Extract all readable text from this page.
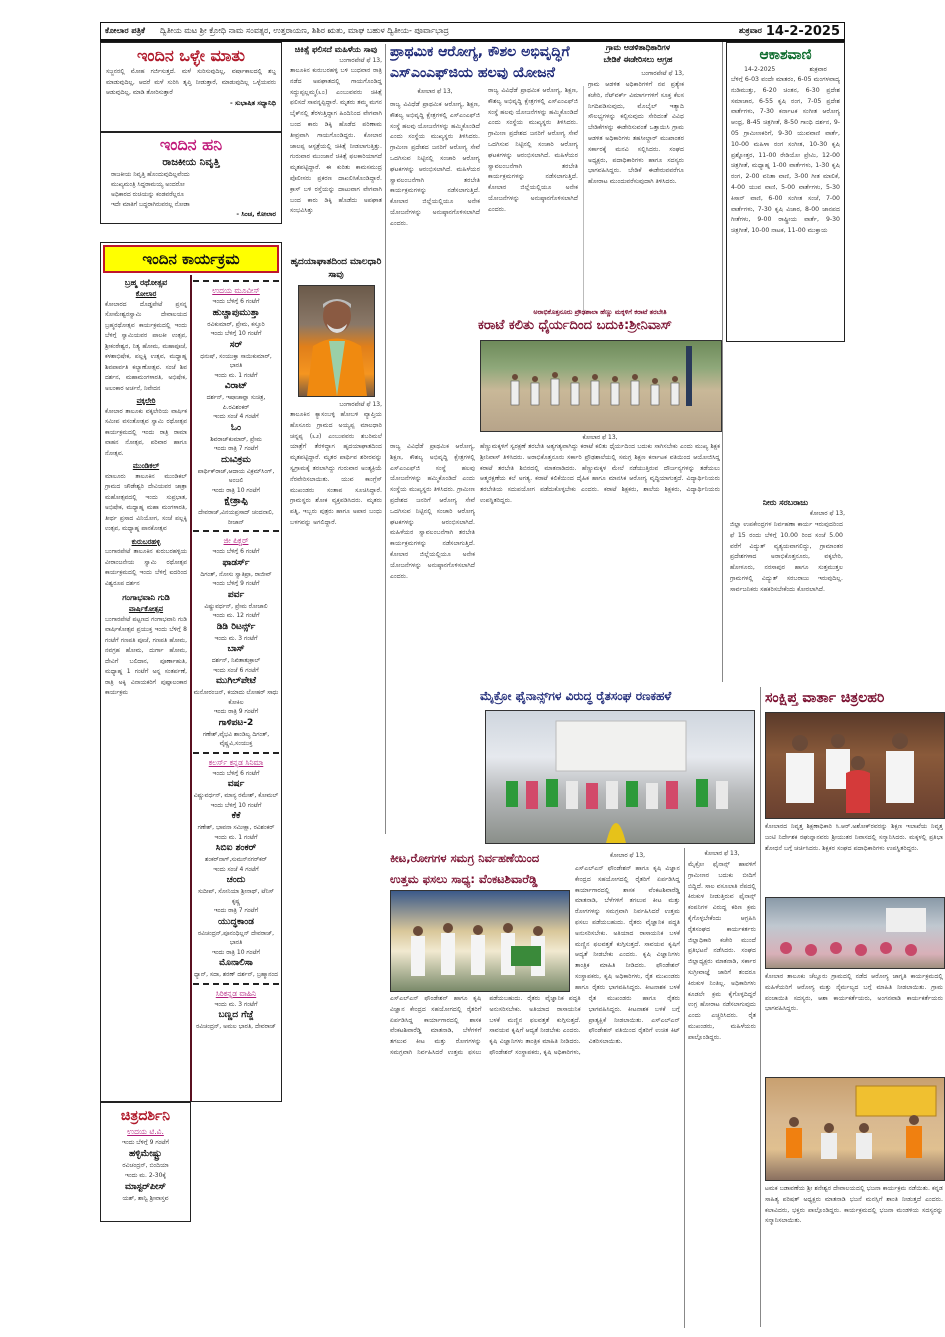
ಕೋಲಾರ ಪತ್ರಿಕೆ	ದ್ವಿತೀಯ ಮಟ ಶ್ರೀ ಕ್ರೋಧಿ ನಾಮ ಸಂವತ್ಸರ, ಉತ್ತರಾಯಣ, ಶಿಶಿರ ಋತು, ಮಾಘ ಬಹುಳ ದ್ವಿತೀಯ- ಪೂರ್ವಾಭಾದ್ರ	ಶುಕ್ರವಾರ 14-2-2025
ಇಂದಿನ ಒಳ್ಳೇ ಮಾತು
ಸಜ್ಜನರಲ್ಲಿ ಮೋಹ ಗರ್ಜಿಸುತ್ತದೆ. ಮಳೆ ಸುರಿಸುವುದಿಲ್ಲ, ವರ್ಷಾಕಾಲದಲ್ಲಿ ಶಬ್ದ ಮಾಡುವುದಿಲ್ಲ, ಆದರೆ ಮಳೆ ಸುರಿಸಿ ತೃಪ್ತಿ ನೀಡುತ್ತಾರೆ, ಮಾಡುವುದಿಲ್ಲ ಒಳ್ಳೆಯವರು ಆಡುವುದಿಲ್ಲ, ಮಾಡಿ ತೋರಿಸುತ್ತಾರೆ
- ಸುಭಾಷಿತ ಸಧ್ಯಾನಿಧಿ
ಇಂದಿನ ಹನಿ
ರಾಜಕೀಯ ನಿವೃತ್ತಿ
ರಾಜಕೀಯ ನಿವೃತ್ತಿ ಹೊಂದುವುದಿಲ್ಲವೆಂದು
ಮುಖ್ಯಮಂತ್ರಿ ಸಿದ್ದರಾಮಯ್ಯ ಅಂದರೋ
ಅಧಿಕಾರದ ರುಚಿಯನ್ನು ಕಂಡವರೆಲ್ಲರೂ
ಇದೇ ಮಾತಿಗೆ ಬದ್ಧರಾಗಿರುವರಲ್ಲ ನೋಡಾ
- ಸಿಂಚ, ಕೋಲಾರ
ಇಂದಿನ ಕಾರ್ಯಕ್ರಮ
ಬ್ರಹ್ಮ ರಥೋತ್ಸವ
ಕೋಲಾರ
ಕೋಲಾರದ ದೊಡ್ಡಪೇಟೆ ಪ್ರಸನ್ನ ಸೋಮೇಶ್ವರಸ್ವಾಮಿ ದೇವಾಲಯದ ಬ್ರಹ್ಮರಥೋತ್ಸವ ಕಾರ್ಯಕ್ರಮದಲ್ಲಿ ಇಂದು ಬೆಳಿಗ್ಗೆ ಸ್ವಾಮಿಯವರ ಪಾಲಕೀ ಉತ್ಸವ, ಶ್ರೀಕಂಠೇಶ್ವರ, ನಿತ್ಯ ಹೋಮ, ಮಹಾಪೂಜೆ, ಕಳಶಾಭಿಷೇಕ, ಪಲ್ಲಕ್ಕಿ ಉತ್ಸವ, ಮಧ್ಯಾಹ್ನ ಶಿವಪಾರ್ವತಿ ಕಲ್ಯಾಣೋತ್ಸವ. ಸಂಜೆ ಶಿವ ದರ್ಶನ, ಮಹಾಮಂಗಳಾರತಿ, ಅಭಿಷೇಕ, ಅಲಂಕಾರ ಅರ್ಚನೆ, ನಿವೇದನ
ವಕ್ಕಲೇರಿ
ಕೋಲಾರ ತಾಲೂಕು ವಕ್ಕಲೇರಿಯ ವಾರ್ಷಿಕ ಸಮೀಪ ವಸಂತೋತ್ಸವ ಸ್ವಾಮಿ ರಥೋತ್ಸವ ಕಾರ್ಯಕ್ರಮದಲ್ಲಿ ಇಂದು ರಾತ್ರಿ ರಾಮಾ ವಾಹನ ನೋತ್ಸವ, ಪರಿವಾರ ಹಾಗೂ ನೋತ್ಸವ.
ಮುಂಡಿಕಲ್
ಮಾಲೂರು ತಾಲೂಕಿನ ಮುಂಡಿಕಲ್ ಗ್ರಾಮದ ಚೌಡೇಶ್ವರಿ ದೇವಿಯವರ ಜಾತ್ರಾ ಮಹೋತ್ಸವದಲ್ಲಿ ಇಂದು ಸುಪ್ರಭಾತ, ಅಭಿಷೇಕ, ಮಧ್ಯಾಹ್ನ ಮಹಾ ಮಂಗಳಾರತಿ, ತೀರ್ಥ ಪ್ರಸಾದ ವಿನಿಯೋಗ, ಸಂಜೆ ಪಲ್ಲಕ್ಕಿ ಉತ್ಸವ, ಮಧ್ಯಾಹ್ನ ಪಾನಕೋತ್ಸವ
ಕುರುಬರಹಳ್ಳಿ
ಬಂಗಾರಪೇಟೆ ತಾಲೂಕಿನ ಕುರುಬರಹಳ್ಳಿಯ ವೀರಾಂಜನೇಯ ಸ್ವಾಮಿ ರಥೋತ್ಸವ ಕಾರ್ಯಕ್ರಮದಲ್ಲಿ ಇಂದು ಬೆಳಿಗ್ಗೆ ಐದರಿಂದ ವಿಶ್ವರೂಪ ದರ್ಶನ
ಗಂಗಾಭವಾನಿ ಗುಡಿ
ವಾರ್ಷಿಕೋತ್ಸವ
ಬಂಗಾರಪೇಟೆ ಪಟ್ಟಣದ ಗಂಗಾಭವಾನಿ ಗುಡಿ ವಾರ್ಷಿಕೋತ್ಸವ ಪ್ರಯುಕ್ತ ಇಂದು ಬೆಳಿಗ್ಗೆ 8 ಗಂಟೆಗೆ ಗಣಪತಿ ಪೂಜೆ, ಗಣಪತಿ ಹೋಮ, ನವಗ್ರಹ ಹೋಮ, ದುರ್ಗಾ ಹೋಮ, ದೇವಿಗೆ ಬಲಿದಾನ, ಪೂರ್ಣಾಹುತಿ, ಮಧ್ಯಾಹ್ನ 1 ಗಂಟೆಗೆ ಅನ್ನ ಸಂತರ್ಪಣೆ, ರಾತ್ರಿ ಅಕ್ಕಿ ವಿನಾಯಕರಿಗೆ ಪುಷ್ಪಾಲಂಕಾರ ಕಾರ್ಯಕ್ರಮ
ಉದಯ ಮೂವೀಸ್
ಇಂದು ಬೆಳಿಗ್ಗೆ 6 ಗಂಟೆಗೆ
ಹುಚ್ಚಾಪುಮುತ್ತಾ
ರವಿಕುಮಾರ್, ಪ್ರೇಮ, ಕಸ್ತೂರಿ
ಇಂದು ಬೆಳಿಗ್ಗೆ 10 ಗಂಟೆಗೆ
ಸರ್
ಧನುಷ್, ಸಂಯುಕ್ತಾ ಸಾಯಿಕುಮಾರ್, ಭಾರತಿ
ಇಂದು ಮ. 1 ಗಂಟೆಗೆ
ವಿರಾಟ್
ದರ್ಶನ್, ಇಷಾಚಾವ್ಲಾ ಸುಚಿತ್ರ, ಪಿ.ರವಿಶಂಕರ್
ಇಂದು ಸಂಜೆ 4 ಗಂಟೆಗೆ
ಓಂ
ಶಿವರಾಜ್‌ಕುಮಾರ್, ಪ್ರೇಮ
ಇಂದು ರಾತ್ರಿ 7 ಗಂಟೆಗೆ
ದುಃವಿಕ್ರಮ
ಪಾರ್ಥಿಕ್‌ರಾಜ್,ಆದಾಯ ವಿಕ್ರಮ್‌ಸಿಂಗ್, ಅಂಜಲಿ
ಇಂದು ರಾತ್ರಿ 10 ಗಂಟೆಗೆ
ಕ್ಷೇತ್ರಾಪ್ಪಿ
ದೇವರಾಜ್,ವಿನಯಪ್ರಸಾದ್ ಚಂದನಾಲಿ, ರೀಜಾನ್
ಜೀ ಪಿಕ್ಚರ್
ಇಂದು ಬೆಳಿಗ್ಗೆ 6 ಗಂಟೆಗೆ
ಫಾಡರ್ಸ್
ದಿಗಂತ್, ನೋಸು ಸ್ವಾತಿಪ್ರಾ, ರಾಜೀವ್
ಇಂದು ಬೆಳಿಗ್ಗೆ 9 ಗಂಟೆಗೆ
ಪರ್ವ
ವಿಷ್ಣುವರ್ಧನ್, ಪ್ರೇಮ ರೋಜಾಲಿ
ಇಂದು ಮ. 12 ಗಂಟೆಗೆ
ಡಿಡಿ ರಿಟರ್ನ್ಸ್
ಇಂದು ಮ. 3 ಗಂಟೆಗೆ
ಬಾಸ್
ದರ್ಶನ್, ನಿಖಿತಾತುಕ್ರಾಲ್
ಇಂದು ಸಂಜೆ 6 ಗಂಟೆಗೆ
ಮುಗಿಲ್‌ಪೇಟೆ
ಮನೋರಂಜನ್, ಕಯಾದು ಲೋಹರ್ ಸಾಧು ಕೋಕಿಲ
ಇಂದು ರಾತ್ರಿ 9 ಗಂಟೆಗೆ
ಗಾಳಿಪಟ-2
ಗಣೇಶ್,ವೈಭವಿ ಶಾಂಡಿಲ್ಯ ದಿಗಂತ್, ವೈಷ್ಣವಿ,ಸಂಯುಕ್ತ
ಕಲರ್ಸ್ ಕನ್ನಡ ಸಿನಿಮಾ
ಇಂದು ಬೆಳಿಗ್ಗೆ 6 ಗಂಟೆಗೆ
ವರ್ಷ
ವಿಷ್ಣುವರ್ಧನ್, ಮಾನ್ಯ ರಮೇಶ್, ಕೋಮಲ್
ಇಂದು ಬೆಳಿಗ್ಗೆ 10 ಗಂಟೆಗೆ
ಕೆಕೆ
ಗಣೇಶ್, ಭಾವನಾ ಸಮೀಕ್ಷಾ, ರವಿಶಂಕರ್
ಇಂದು ಮ. 1 ಗಂಟೆಗೆ
ಸಿಬಿಐ ಶಂಕರ್
ಶಂಕರ್‌ನಾಗ್,ಸುಮನ್‌ನಗರ್‌ಕರ್
ಇಂದು ಸಂಜೆ 4 ಗಂಟೆಗೆ
ಚಂದು
ಸುದೀಪ್, ಸೋನಿಯಾ ಶ್ರೀನಾಥ್, ಟೆನಿಸ್ ಕೃಷ್ಣ
ಇಂದು ರಾತ್ರಿ 7 ಗಂಟೆಗೆ
ಯುದ್ಧಕಾಂಡ
ರವಿಚಂದ್ರನ್,ಪೂನಂಧಿಲ್ಲನ್ ದೇವರಾಜ್, ಭಾರತಿ
ಇಂದು ರಾತ್ರಿ 10 ಗಂಟೆಗೆ
ಮೊನಾಲಿಸಾ
ಧ್ಯಾನ್, ಸದಾ, ಶರಣ್ ದರ್ಶನ್, ಬ್ರಹ್ಮಾನಂದ
ಸಿರಿಕನ್ನಡ ವಾಹಿನಿ
ಇಂದು ಮ. 3 ಗಂಟೆಗೆ
ಬಣ್ಣದ ಗೆಜ್ಜೆ
ರವಿಚಂದ್ರನ್, ಅಮಲ ಭಾರತಿ, ದೇವರಾಜ್
ಚಿತ್ರದರ್ಶಿನಿ
ಉದಯ ಟಿ.ವಿ.
ಇಂದು ಬೆಳಿಗ್ಗೆ 9 ಗಂಟೆಗೆ
ಹಳ್ಳಿಮೇಷ್ಟ್ರು
ರವಿಚಂದ್ರನ್, ಬಿಂದಿಯಾ
ಇಂದು ಮ. 2-30ಕ್ಕೆ
ಮಾಸ್ಟರ್‌ಪೀಸ್
ಯಶ್, ಶಾನ್ವಿ ಶ್ರೀವಾಸ್ತವ
ಚಿಕಿತ್ಸೆ ಫಲಿಸದೆ ಮಹಿಳೆಯ ಸಾವು
ಬಂಗಾರಪೇಟೆ ಫೆ 13,
ತಾಲೂಕಿನ ಕುರುಬರಹಳ್ಳಿ ಬಳಿ ಬುಧವಾರ ರಾತ್ರಿ ನಡೆದ ಅಪಘಾತದಲ್ಲಿ ಗಾಯಗೊಂಡಿದ್ದ ಸದ್ದುಪ್ಪಲ್ಲಮ್ಮ(೬೦) ಎಂಬುವವರು ಚಿಕಿತ್ಸೆ ಫಲಿಸದೆ ಸಾವನ್ನಪ್ಪಿದ್ದಾರೆ. ಮೃತರು ತಮ್ಮ ಮಗನ ಬೈಕ್‌ನಲ್ಲಿ ತೆರಳುತ್ತಿದ್ದಾಗ ಹಿಂದಿನಿಂದ ವೇಗವಾಗಿ ಬಂದ ಕಾರು ಡಿಕ್ಕಿ ಹೊಡೆದ ಪರಿಣಾಮ ತೀವ್ರವಾಗಿ ಗಾಯಗೊಂಡಿದ್ದರು. ಕೋಲಾರ ಜಾಲಪ್ಪ ಆಸ್ಪತ್ರೆಯಲ್ಲಿ ಚಿಕಿತ್ಸೆ ನೀಡಲಾಗುತ್ತಿತ್ತು. ಗುರುವಾರ ಮುಂಜಾನೆ ಚಿಕಿತ್ಸೆ ಫಲಕಾರಿಯಾಗದೆ ಮೃತಪಟ್ಟಿದ್ದಾರೆ. ಈ ಕುರಿತು ಕಾಮಸಮುದ್ರ ಪೊಲೀಸರು ಪ್ರಕರಣ ದಾಖಲಿಸಿಕೊಂಡಿದ್ದಾರೆ. ಕ್ರಾಸ್ ಬಳಿ ರಸ್ತೆಯನ್ನು ದಾಟುವಾಗ ವೇಗವಾಗಿ ಬಂದ ಕಾರು ಡಿಕ್ಕಿ ಹೊಡೆದು ಅಪಘಾತ ಸಂಭವಿಸಿತ್ತು
ಹೃದಯಾಘಾತದಿಂದ ಮಾಲಧಾರಿ ಸಾವು
ಬಂಗಾರಪೇಟೆ ಫೆ 13,
ತಾಲೂಕಿನ ಕ್ಯಾಸಂಬಳ್ಳಿ ಹೋಬಳಿ ವ್ಯಾಪ್ತಿಯ ಹೊಸೂರು ಗ್ರಾಮದ ಅಯ್ಯಪ್ಪ ಮಾಲಧಾರಿ ಚನ್ನಪ್ಪ (೬೨) ಎಂಬುವವರು ಶಬರಿಮಲೆ ಯಾತ್ರೆಗೆ ತೆರಳಿದ್ದಾಗ ಹೃದಯಾಘಾತದಿಂದ ಮೃತಪಟ್ಟಿದ್ದಾರೆ. ಮೃತರ ಪಾರ್ಥಿವ ಶರೀರವನ್ನು ಸ್ವಗ್ರಾಮಕ್ಕೆ ತರಲಾಗಿದ್ದು ಗುರುವಾರ ಅಂತ್ಯಕ್ರಿಯೆ ನೆರವೇರಿಸಲಾಯಿತು. ಯುವ ಕಾಂಗ್ರೆಸ್ ಮುಖಂಡರು ಸಂತಾಪ ಸೂಚಿಸಿದ್ದಾರೆ. ಗ್ರಾಮಸ್ಥರು ಶೋಕ ವ್ಯಕ್ತಪಡಿಸಿದರು. ಮೃತರು ಪತ್ನಿ, ಇಬ್ಬರು ಪುತ್ರರು ಹಾಗೂ ಅಪಾರ ಬಂಧು ಬಳಗವನ್ನು ಅಗಲಿದ್ದಾರೆ.
ಪ್ರಾಥಮಿಕ ಆರೋಗ್ಯ, ಕೌಶಲ ಅಭಿವೃದ್ಧಿಗೆ
ಎಸ್‌ಎಂಎಫ್‌ಜಿಯ ಹಲವು ಯೋಜನೆ
ಕೋಲಾರ ಫೆ 13,
ರಾಜ್ಯ ವಿವಿಧೆಡೆ ಪ್ರಾಥಮಿಕ ಆರೋಗ್ಯ, ಶಿಕ್ಷಣ, ಕೌಶಲ್ಯ ಅಭಿವೃದ್ಧಿ ಕ್ಷೇತ್ರಗಳಲ್ಲಿ ಎಸ್‌ಎಂಎಫ್‌ಜಿ ಸಂಸ್ಥೆ ಹಲವು ಯೋಜನೆಗಳನ್ನು ಹಮ್ಮಿಕೊಂಡಿದೆ ಎಂದು ಸಂಸ್ಥೆಯ ಮುಖ್ಯಸ್ಥರು ತಿಳಿಸಿದರು. ಗ್ರಾಮೀಣ ಪ್ರದೇಶದ ಜನರಿಗೆ ಆರೋಗ್ಯ ಸೇವೆ ಒದಗಿಸುವ ನಿಟ್ಟಿನಲ್ಲಿ ಸಂಚಾರಿ ಆರೋಗ್ಯ ಘಟಕಗಳನ್ನು ಆರಂಭಿಸಲಾಗಿದೆ. ಮಹಿಳೆಯರ ಸ್ವಾವಲಂಬನೆಗಾಗಿ ತರಬೇತಿ ಕಾರ್ಯಕ್ರಮಗಳನ್ನು ನಡೆಸಲಾಗುತ್ತಿದೆ. ಕೋಲಾರ ಜಿಲ್ಲೆಯಲ್ಲಿಯೂ ಅನೇಕ ಯೋಜನೆಗಳನ್ನು ಅನುಷ್ಠಾನಗೊಳಿಸಲಾಗಿದೆ ಎಂದರು.
ರಾಜ್ಯ ವಿವಿಧೆಡೆ ಪ್ರಾಥಮಿಕ ಆರೋಗ್ಯ, ಶಿಕ್ಷಣ, ಕೌಶಲ್ಯ ಅಭಿವೃದ್ಧಿ ಕ್ಷೇತ್ರಗಳಲ್ಲಿ ಎಸ್‌ಎಂಎಫ್‌ಜಿ ಸಂಸ್ಥೆ ಹಲವು ಯೋಜನೆಗಳನ್ನು ಹಮ್ಮಿಕೊಂಡಿದೆ ಎಂದು ಸಂಸ್ಥೆಯ ಮುಖ್ಯಸ್ಥರು ತಿಳಿಸಿದರು. ಗ್ರಾಮೀಣ ಪ್ರದೇಶದ ಜನರಿಗೆ ಆರೋಗ್ಯ ಸೇವೆ ಒದಗಿಸುವ ನಿಟ್ಟಿನಲ್ಲಿ ಸಂಚಾರಿ ಆರೋಗ್ಯ ಘಟಕಗಳನ್ನು ಆರಂಭಿಸಲಾಗಿದೆ. ಮಹಿಳೆಯರ ಸ್ವಾವಲಂಬನೆಗಾಗಿ ತರಬೇತಿ ಕಾರ್ಯಕ್ರಮಗಳನ್ನು ನಡೆಸಲಾಗುತ್ತಿದೆ. ಕೋಲಾರ ಜಿಲ್ಲೆಯಲ್ಲಿಯೂ ಅನೇಕ ಯೋಜನೆಗಳನ್ನು ಅನುಷ್ಠಾನಗೊಳಿಸಲಾಗಿದೆ ಎಂದರು.
ಗ್ರಾಮ ಆಡಳಿತಾಧಿಕಾರಿಗಳ
ಬೇಡಿಕೆ ಈಡೇರಿಸಲು ಆಗ್ರಹ
ಬಂಗಾರಪೇಟೆ ಫೆ 13,
ಗ್ರಾಮ ಆಡಳಿತ ಅಧಿಕಾರಿಗಳಿಗೆ ನವ ಪ್ರತ್ಯೇಕ ಕಚೇರಿ, ನೆಟ್‌ವರ್ಕ್ ವಿಮಾರ್ಗಗಳಿಗೆ ಸೂಕ್ತ ಕೆಲಸ ನಿಗದಿಪಡಿಸುವುದು, ಮೊಬೈಲ್ ಇತ್ಯಾದಿ ಸೌಲಭ್ಯಗಳನ್ನು ಕಲ್ಪಿಸುವುದು ಸೇರಿದಂತೆ ವಿವಿಧ ಬೇಡಿಕೆಗಳನ್ನು ಈಡೇರಿಸುವಂತೆ ಒತ್ತಾಯಿಸಿ ಗ್ರಾಮ ಆಡಳಿತ ಅಧಿಕಾರಿಗಳು ತಹಸೀಲ್ದಾರ್ ಮುಖಾಂತರ ಸರ್ಕಾರಕ್ಕೆ ಮನವಿ ಸಲ್ಲಿಸಿದರು. ಸಂಘದ ಅಧ್ಯಕ್ಷರು, ಪದಾಧಿಕಾರಿಗಳು ಹಾಗೂ ಸದಸ್ಯರು ಭಾಗವಹಿಸಿದ್ದರು. ಬೇಡಿಕೆ ಈಡೇರುವವರೆಗೂ ಹೋರಾಟ ಮುಂದುವರೆಸುವುದಾಗಿ ತಿಳಿಸಿದರು.
ಆಕಾಶವಾಣಿ
14-2-2025	ಶುಕ್ರವಾರ
ಬೆಳಿಗ್ಗೆ 6-03 ವಂದೇ ಮಾತರಂ, 6-05 ಮಂಗಳವಾದ್ಯ ನುಡಿಮುತ್ತು, 6-20 ಚಿಂತನ, 6-30 ಪ್ರದೇಶ ಸಮಾಚಾರ, 6-55 ಕೃಷಿ ರಂಗ, 7-05 ಪ್ರದೇಶ ವಾರ್ತೆಗಳು, 7-30 ಕರ್ನಾಟಕ ಸಂಗೀತ ಆರೋಗ್ಯ ಆಂಧ್ರ, 8-45 ಚಿತ್ರಗೀತೆ, 8-50 ಗಾಂಧಿ ದರ್ಶನ, 9-05 ಗ್ರಾಮೀಣಕರಿಗೆ, 9-30 ಯುವವಾಣಿ ವಾರ್ತೆ, 10-00 ಮಹಿಳಾ ರಂಗ ಸಂಗೀತ, 10-30 ಕೃಷಿ ಪ್ರಶ್ನೋತ್ತರ, 11-00 ರೇಡಿಯೋ ಪ್ರೇಮಿ, 12-00 ಚಿತ್ರಗೀತೆ, ಮಧ್ಯಾಹ್ನ 1-00 ವಾರ್ತೆಗಳು, 1-30 ಕೃಷಿ ರಂಗ, 2-00 ವನಿತಾ ವಾಣಿ, 3-00 ಗೀತ ಮಾಲಿಕೆ, 4-00 ಯುವ ವಾಣಿ, 5-00 ವಾರ್ತೆಗಳು, 5-30 ಕಿಸಾನ್ ವಾಣಿ, 6-00 ಸಂಗೀತ ಸಂಜೆ, 7-00 ವಾರ್ತೆಗಳು, 7-30 ಕೃಷಿ ವಿಚಾರ, 8-00 ಜಾನಪದ ಗೀತೆಗಳು, 9-00 ರಾಷ್ಟ್ರೀಯ ವಾರ್ತೆ, 9-30 ಚಿತ್ರಗೀತೆ, 10-00 ನಾಟಕ, 11-00 ಮುಕ್ತಾಯ
ನೀರು ಸರಬರಾಜು
ಕೋಲಾರ ಫೆ 13,
ಜಿಲ್ಲಾ ಉಪಕೇಂದ್ರಗಳ ನಿರ್ವಹಣಾ ಕಾರ್ಯ ಇರುವುದರಿಂದ ಫೆ 15 ರಂದು ಬೆಳಿಗ್ಗೆ 10.00 ರಿಂದ ಸಂಜೆ 5.00 ವರೆಗೆ ವಿದ್ಯುತ್ ವ್ಯತ್ಯಯವಾಗಲಿದ್ದು, ಗ್ರಾಮಾಂತರ ಪ್ರದೇಶಗಳಾದ ಅರಾಭಿಕೊತ್ತನೂರು, ವಕ್ಕಲೇರಿ, ಹೋಳೂರು, ನರಸಾಪುರ ಹಾಗೂ ಸುತ್ತಮುತ್ತಲ ಗ್ರಾಮಗಳಲ್ಲಿ ವಿದ್ಯುತ್ ಸರಬರಾಜು ಇರುವುದಿಲ್ಲ. ಸಾರ್ವಜನಿಕರು ಸಹಕರಿಸಬೇಕೆಂದು ಕೋರಲಾಗಿದೆ.
ಅರಾಭಿಕೊತ್ತನೂರು ಪ್ರೌಢಶಾಲಾ ಹೆಣ್ಣು ಮಕ್ಕಳಿಗೆ ಕರಾಟೆ ತರಬೇತಿ
ಕರಾಟೆ ಕಲಿತು ಧೈರ್ಯದಿಂದ ಬದುಕಿ:ಶ್ರೀನಿವಾಸ್
ಕೋಲಾರ ಫೆ 13,
ಹೆಣ್ಣುಮಕ್ಕಳಿಗೆ ಸ್ವರಕ್ಷಣೆ ತರಬೇತಿ ಅತ್ಯಗತ್ಯವಾಗಿದ್ದು ಕರಾಟೆ ಕಲಿತು ಧೈರ್ಯದಿಂದ ಬದುಕು ಸಾಗಿಸಬೇಕು ಎಂದು ಮುಖ್ಯ ಶಿಕ್ಷಕ ಶ್ರೀನಿವಾಸ್ ತಿಳಿಸಿದರು. ಅರಾಭಿಕೊತ್ತನೂರು ಸರ್ಕಾರಿ ಪ್ರೌಢಶಾಲೆಯಲ್ಲಿ ಸಮಗ್ರ ಶಿಕ್ಷಣ ಕರ್ನಾಟಕ ವತಿಯಿಂದ ಆಯೋಜಿಸಿದ್ದ ಕರಾಟೆ ತರಬೇತಿ ಶಿಬಿರದಲ್ಲಿ ಮಾತನಾಡಿದರು. ಹೆಣ್ಣುಮಕ್ಕಳ ಮೇಲೆ ನಡೆಯುತ್ತಿರುವ ದೌರ್ಜನ್ಯಗಳನ್ನು ತಡೆಯಲು ಆತ್ಮರಕ್ಷಣೆಯ ಕಲೆ ಅಗತ್ಯ. ಕರಾಟೆ ಕಲಿಕೆಯಿಂದ ದೈಹಿಕ ಹಾಗೂ ಮಾನಸಿಕ ಆರೋಗ್ಯ ವೃದ್ಧಿಯಾಗುತ್ತದೆ. ವಿದ್ಯಾರ್ಥಿನಿಯರು ತರಬೇತಿಯ ಸದುಪಯೋಗ ಪಡೆದುಕೊಳ್ಳಬೇಕು ಎಂದರು. ಕರಾಟೆ ಶಿಕ್ಷಕರು, ಶಾಲೆಯ ಶಿಕ್ಷಕರು, ವಿದ್ಯಾರ್ಥಿನಿಯರು ಉಪಸ್ಥಿತರಿದ್ದರು.
ರಾಜ್ಯ ವಿವಿಧೆಡೆ ಪ್ರಾಥಮಿಕ ಆರೋಗ್ಯ, ಶಿಕ್ಷಣ, ಕೌಶಲ್ಯ ಅಭಿವೃದ್ಧಿ ಕ್ಷೇತ್ರಗಳಲ್ಲಿ ಎಸ್‌ಎಂಎಫ್‌ಜಿ ಸಂಸ್ಥೆ ಹಲವು ಯೋಜನೆಗಳನ್ನು ಹಮ್ಮಿಕೊಂಡಿದೆ ಎಂದು ಸಂಸ್ಥೆಯ ಮುಖ್ಯಸ್ಥರು ತಿಳಿಸಿದರು. ಗ್ರಾಮೀಣ ಪ್ರದೇಶದ ಜನರಿಗೆ ಆರೋಗ್ಯ ಸೇವೆ ಒದಗಿಸುವ ನಿಟ್ಟಿನಲ್ಲಿ ಸಂಚಾರಿ ಆರೋಗ್ಯ ಘಟಕಗಳನ್ನು ಆರಂಭಿಸಲಾಗಿದೆ. ಮಹಿಳೆಯರ ಸ್ವಾವಲಂಬನೆಗಾಗಿ ತರಬೇತಿ ಕಾರ್ಯಕ್ರಮಗಳನ್ನು ನಡೆಸಲಾಗುತ್ತಿದೆ. ಕೋಲಾರ ಜಿಲ್ಲೆಯಲ್ಲಿಯೂ ಅನೇಕ ಯೋಜನೆಗಳನ್ನು ಅನುಷ್ಠಾನಗೊಳಿಸಲಾಗಿದೆ ಎಂದರು.
ಮೈಕ್ರೋ ಫೈನಾನ್ಸ್‌ಗಳ ವಿರುದ್ಧ ರೈತಸಂಘ ರಣಕಹಳೆ
ಕೀಟ,ರೋಗಗಳ ಸಮಗ್ರ ನಿರ್ವಹಣೆಯಿಂದ
ಉತ್ತಮ ಫಸಲು ಸಾಧ್ಯ: ವೆಂಕಟಶಿವಾರೆಡ್ಡಿ
ಎಸ್‌ಎಲ್‌ಎನ್ ಫೌಂಡೇಶನ್ ಹಾಗೂ ಕೃಷಿ ವಿಜ್ಞಾನ ಕೇಂದ್ರದ ಸಹಯೋಗದಲ್ಲಿ ರೈತರಿಗೆ ಏರ್ಪಡಿಸಿದ್ದ ಕಾರ್ಯಾಗಾರದಲ್ಲಿ ಶಾಸಕ ವೆಂಕಟಶಿವಾರೆಡ್ಡಿ ಮಾತನಾಡಿ, ಬೆಳೆಗಳಿಗೆ ತಗಲುವ ಕೀಟ ಮತ್ತು ರೋಗಗಳನ್ನು ಸಮಗ್ರವಾಗಿ ನಿರ್ವಹಿಸಿದರೆ ಉತ್ತಮ ಫಸಲು ಪಡೆಯಬಹುದು. ರೈತರು ವೈಜ್ಞಾನಿಕ ಪದ್ಧತಿ ಅನುಸರಿಸಬೇಕು. ಅತಿಯಾದ ರಾಸಾಯನಿಕ ಬಳಕೆ ಮಣ್ಣಿನ ಫಲವತ್ತತೆ ಕುಗ್ಗಿಸುತ್ತದೆ. ಸಾವಯವ ಕೃಷಿಗೆ ಆದ್ಯತೆ ನೀಡಬೇಕು ಎಂದರು. ಕೃಷಿ ವಿಜ್ಞಾನಿಗಳು ತಾಂತ್ರಿಕ ಮಾಹಿತಿ ನೀಡಿದರು. ಫೌಂಡೇಶನ್ ಸಂಸ್ಥಾಪಕರು, ಕೃಷಿ ಅಧಿಕಾರಿಗಳು, ರೈತ ಮುಖಂಡರು ಹಾಗೂ ರೈತರು ಭಾಗವಹಿಸಿದ್ದರು. ಕೀಟನಾಶಕ ಬಳಕೆ ಬಗ್ಗೆ ಪ್ರಾತ್ಯಕ್ಷಿಕೆ ನೀಡಲಾಯಿತು. ಎಸ್‌ಎಲ್‌ಎನ್ ಫೌಂಡೇಶನ್ ವತಿಯಿಂದ ರೈತರಿಗೆ ಉಚಿತ ಕಿಟ್ ವಿತರಿಸಲಾಯಿತು.
ಕೋಲಾರ ಫೆ 13,
ಎಸ್‌ಎಲ್‌ಎನ್ ಫೌಂಡೇಶನ್ ಹಾಗೂ ಕೃಷಿ ವಿಜ್ಞಾನ ಕೇಂದ್ರದ ಸಹಯೋಗದಲ್ಲಿ ರೈತರಿಗೆ ಏರ್ಪಡಿಸಿದ್ದ ಕಾರ್ಯಾಗಾರದಲ್ಲಿ ಶಾಸಕ ವೆಂಕಟಶಿವಾರೆಡ್ಡಿ ಮಾತನಾಡಿ, ಬೆಳೆಗಳಿಗೆ ತಗಲುವ ಕೀಟ ಮತ್ತು ರೋಗಗಳನ್ನು ಸಮಗ್ರವಾಗಿ ನಿರ್ವಹಿಸಿದರೆ ಉತ್ತಮ ಫಸಲು ಪಡೆಯಬಹುದು. ರೈತರು ವೈಜ್ಞಾನಿಕ ಪದ್ಧತಿ ಅನುಸರಿಸಬೇಕು. ಅತಿಯಾದ ರಾಸಾಯನಿಕ ಬಳಕೆ ಮಣ್ಣಿನ ಫಲವತ್ತತೆ ಕುಗ್ಗಿಸುತ್ತದೆ. ಸಾವಯವ ಕೃಷಿಗೆ ಆದ್ಯತೆ ನೀಡಬೇಕು ಎಂದರು. ಕೃಷಿ ವಿಜ್ಞಾನಿಗಳು ತಾಂತ್ರಿಕ ಮಾಹಿತಿ ನೀಡಿದರು. ಫೌಂಡೇಶನ್ ಸಂಸ್ಥಾಪಕರು, ಕೃಷಿ ಅಧಿಕಾರಿಗಳು, ರೈತ ಮುಖಂಡರು ಹಾಗೂ ರೈತರು ಭಾಗವಹಿಸಿದ್ದರು. ಕೀಟನಾಶಕ ಬಳಕೆ
ಕೋಲಾರ ಫೆ 13,
ಮೈಕ್ರೋ ಫೈನಾನ್ಸ್ ಹಾವಳಿಗೆ ಗ್ರಾಮೀಣರ ಬದುಕು ಬೀದಿಗೆ ಬಿದ್ದಿದೆ. ಸಾಲ ವಸೂಲಾತಿ ನೆಪದಲ್ಲಿ ಕಿರುಕುಳ ನೀಡುತ್ತಿರುವ ಫೈನಾನ್ಸ್ ಕಂಪನಿಗಳ ವಿರುದ್ಧ ಕಠಿಣ ಕ್ರಮ ಕೈಗೊಳ್ಳಬೇಕೆಂದು ಆಗ್ರಹಿಸಿ ರೈತಸಂಘದ ಕಾರ್ಯಕರ್ತರು ಜಿಲ್ಲಾಧಿಕಾರಿ ಕಚೇರಿ ಮುಂದೆ ಪ್ರತಿಭಟನೆ ನಡೆಸಿದರು. ಸಂಘದ ಜಿಲ್ಲಾಧ್ಯಕ್ಷರು ಮಾತನಾಡಿ, ಸರ್ಕಾರ ಸುಗ್ರೀವಾಜ್ಞೆ ಜಾರಿಗೆ ತಂದರೂ ಕಿರುಕುಳ ನಿಂತಿಲ್ಲ. ಅಧಿಕಾರಿಗಳು ಕೂಡಲೇ ಕ್ರಮ ಕೈಗೊಳ್ಳದಿದ್ದರೆ ಉಗ್ರ ಹೋರಾಟ ನಡೆಸಲಾಗುವುದು ಎಂದು ಎಚ್ಚರಿಸಿದರು. ರೈತ ಮುಖಂಡರು, ಮಹಿಳೆಯರು ಪಾಲ್ಗೊಂಡಿದ್ದರು.
ಸಂಕ್ಷಿಪ್ತ ವಾರ್ತಾ ಚಿತ್ರಲಹರಿ
ಕೋಲಾರದ ನಿವೃತ್ತ ಶಿಕ್ಷಣಾಧಿಕಾರಿ ಸಿ.ಆರ್.ಅಶೋಕ್‌ರವರನ್ನು ಶಿಕ್ಷಣ ಇಲಾಖೆಯ ನಿವೃತ್ತ ಜಂಟಿ ನಿರ್ದೇಶಕ ರಘುನ್ನಾನವರು ಶ್ರೀಯುತರ ನಿವಾಸದಲ್ಲಿ ಸನ್ಮಾನಿಸಿದರು. ಮಕ್ಕಳಲ್ಲಿ ಪ್ರತಿಭಾ ಶೋಧನೆ ಬಗ್ಗೆ ಚರ್ಚಿಸಿದರು. ಶಿಕ್ಷಕರ ಸಂಘದ ಪದಾಧಿಕಾರಿಗಳು ಉಪಸ್ಥಿತರಿದ್ದರು.
ಕೋಲಾರ ತಾಲೂಕು ಚೆಲ್ಲೂರು ಗ್ರಾಮದಲ್ಲಿ ನಡೆದ ಆರೋಗ್ಯ ಜಾಗೃತಿ ಕಾರ್ಯಕ್ರಮದಲ್ಲಿ ಮಹಿಳೆಯರಿಗೆ ಆರೋಗ್ಯ ಮತ್ತು ನೈರ್ಮಲ್ಯದ ಬಗ್ಗೆ ಮಾಹಿತಿ ನೀಡಲಾಯಿತು. ಗ್ರಾಮ ಪಂಚಾಯಿತಿ ಸದಸ್ಯರು, ಆಶಾ ಕಾರ್ಯಕರ್ತೆಯರು, ಅಂಗನವಾಡಿ ಕಾರ್ಯಕರ್ತೆಯರು ಭಾಗವಹಿಸಿದ್ದರು.
ಟಮಕ ಬಡಾವಣೆಯ ಶ್ರೀ ಶನೇಶ್ವರ ದೇವಾಲಯದಲ್ಲಿ ಭಜನಾ ಕಾರ್ಯಕ್ರಮ ನಡೆಯಿತು. ಕನ್ನಡ ಸಾಹಿತ್ಯ ಪರಿಷತ್ ಅಧ್ಯಕ್ಷರು ಮಾತನಾಡಿ ಭಜನೆ ಮನಸ್ಸಿಗೆ ಶಾಂತಿ ನೀಡುತ್ತದೆ ಎಂದರು. ಕಲಾವಿದರು, ಭಕ್ತರು ಪಾಲ್ಗೊಂಡಿದ್ದರು. ಕಾರ್ಯಕ್ರಮದಲ್ಲಿ ಭಜನಾ ಮಂಡಳಿಯ ಸದಸ್ಯರನ್ನು ಸನ್ಮಾನಿಸಲಾಯಿತು.
